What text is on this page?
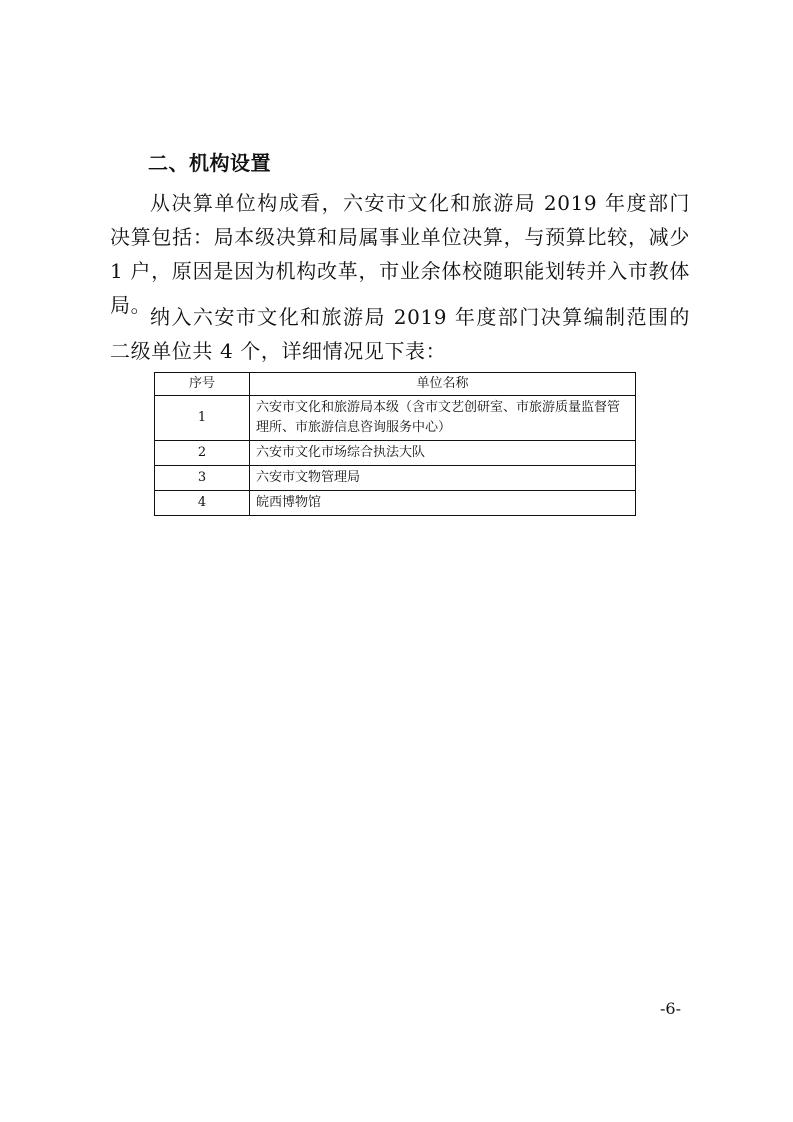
二、机构设置

从决算单位构成看，六安市文化和旅游局 2019 年度部门决算包括：局本级决算和局属事业单位决算，与预算比较，减少 1 户，原因是因为机构改革，市业余体校随职能划转并入市教体局。

纳入六安市文化和旅游局 2019 年度部门决算编制范围的二级单位共 4 个，详细情况见下表：

序号	单位名称
1	六安市文化和旅游局本级（含市文艺创研室、市旅游质量监督管理所、市旅游信息咨询服务中心）
2	六安市文化市场综合执法大队
3	六安市文物管理局
4	皖西博物馆
-6-
